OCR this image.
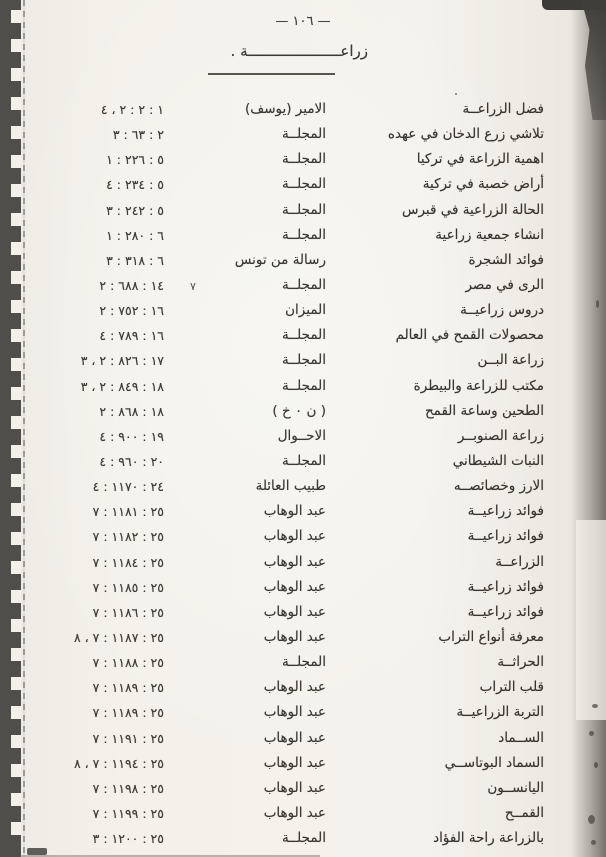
— ١٠٦ —
زراعـــــــــــــــــــــة .
٧
٤ ، ٢ : ٢ : ١	الامير (يوسف)	فضل الزراعــة
٣ : ٦٣ : ٢	المجلــة	تلاشي زرع الدخان في عهده
١ : ٢٢٦ : ٥	المجلــة	اهمية الزراعة في تركيا
٤ : ٢٣٤ : ٥	المجلــة	أراض خصبة في تركية
٣ : ٢٤٢ : ٥	المجلــة	الحالة الزراعية في قبرس
١ : ٢٨٠ : ٦	المجلــة	انشاء جمعية زراعية
٣ : ٣١٨ : ٦	رسالة من تونس	فوائد الشجرة
٢ : ٦٨٨ : ١٤	المجلــة	الرى في مصر
٢ : ٧٥٢ : ١٦	الميزان	دروس زراعيــة
٤ : ٧٨٩ : ١٦	المجلــة	محصولات القمح في العالم
٣ ، ٢ : ٨٢٦ : ١٧	المجلــة	زراعة البــن
٣ ، ٢ : ٨٤٩ : ١٨	المجلــة	مكتب للزراعة والبيطرة
٢ : ٨٦٨ : ١٨	( ن ٠ خ )	الطحين وساعة القمح
٤ : ٩٠٠ : ١٩	الاحــوال	زراعة الصنوبــر
٤ : ٩٦٠ : ٢٠	المجلــة	النبات الشيطاني
٤ : ١١٧٠ : ٢٤	طبيب العائلة	الارز وخصائصــه
٧ : ١١٨١ : ٢٥	عبد الوهاب	فوائد زراعيــة
٧ : ١١٨٢ : ٢٥	عبد الوهاب	فوائد زراعيــة
٧ : ١١٨٤ : ٢٥	عبد الوهاب	الزراعــة
٧ : ١١٨٥ : ٢٥	عبد الوهاب	فوائد زراعيــة
٧ : ١١٨٦ : ٢٥	عبد الوهاب	فوائد زراعيــة
٨ ، ٧ : ١١٨٧ : ٢٥	عبد الوهاب	معرفة أنواع التراب
٧ : ١١٨٨ : ٢٥	المجلــة	الحراثــة
٧ : ١١٨٩ : ٢٥	عبد الوهاب	قلب التراب
٧ : ١١٨٩ : ٢٥	عبد الوهاب	التربة الزراعيــة
٧ : ١١٩١ : ٢٥	عبد الوهاب	الســماد
٨ ، ٧ : ١١٩٤ : ٢٥	عبد الوهاب	السماد البوتاســي
٧ : ١١٩٨ : ٢٥	عبد الوهاب	اليانســون
٧ : ١١٩٩ : ٢٥	عبد الوهاب	القمــح
٣ : ١٢٠٠ : ٢٥	المجلــة	بالزراعة راحة الفؤاد
